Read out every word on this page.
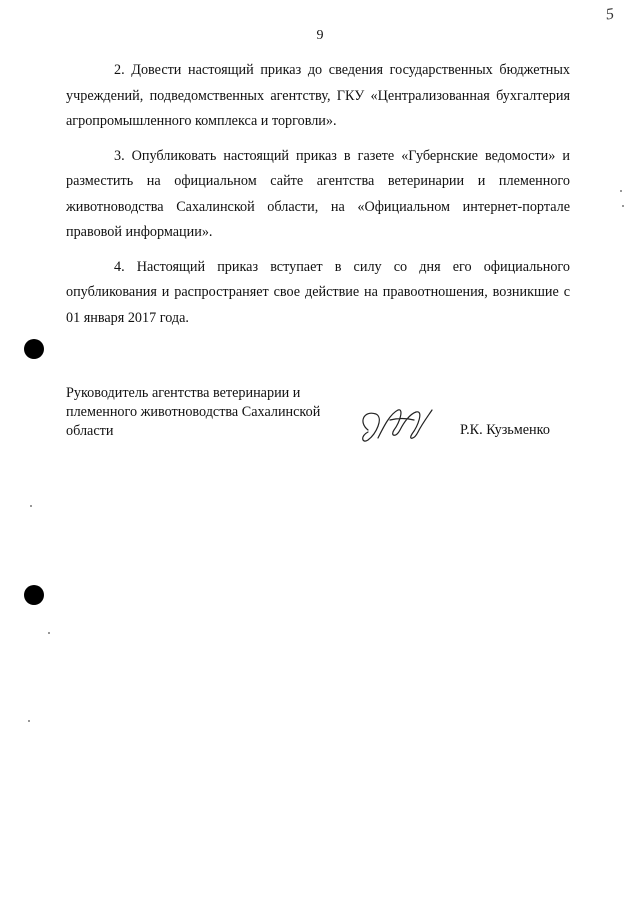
5
9

2. Довести настоящий приказ до сведения государственных бюджетных учреждений, подведомственных агентству, ГКУ «Централизованная бухгалтерия агропромышленного комплекса и торговли».

3. Опубликовать настоящий приказ в газете «Губернские ведомости» и разместить на официальном сайте агентства ветеринарии и племенного животноводства Сахалинской области, на «Официальном интернет-портале правовой информации».

4. Настоящий приказ вступает в силу со дня его официального опубликования и распространяет свое действие на правоотношения, возникшие с 01 января 2017 года.

Руководитель агентства ветеринарии и племенного животноводства Сахалинской области	Р.К. Кузьменко
